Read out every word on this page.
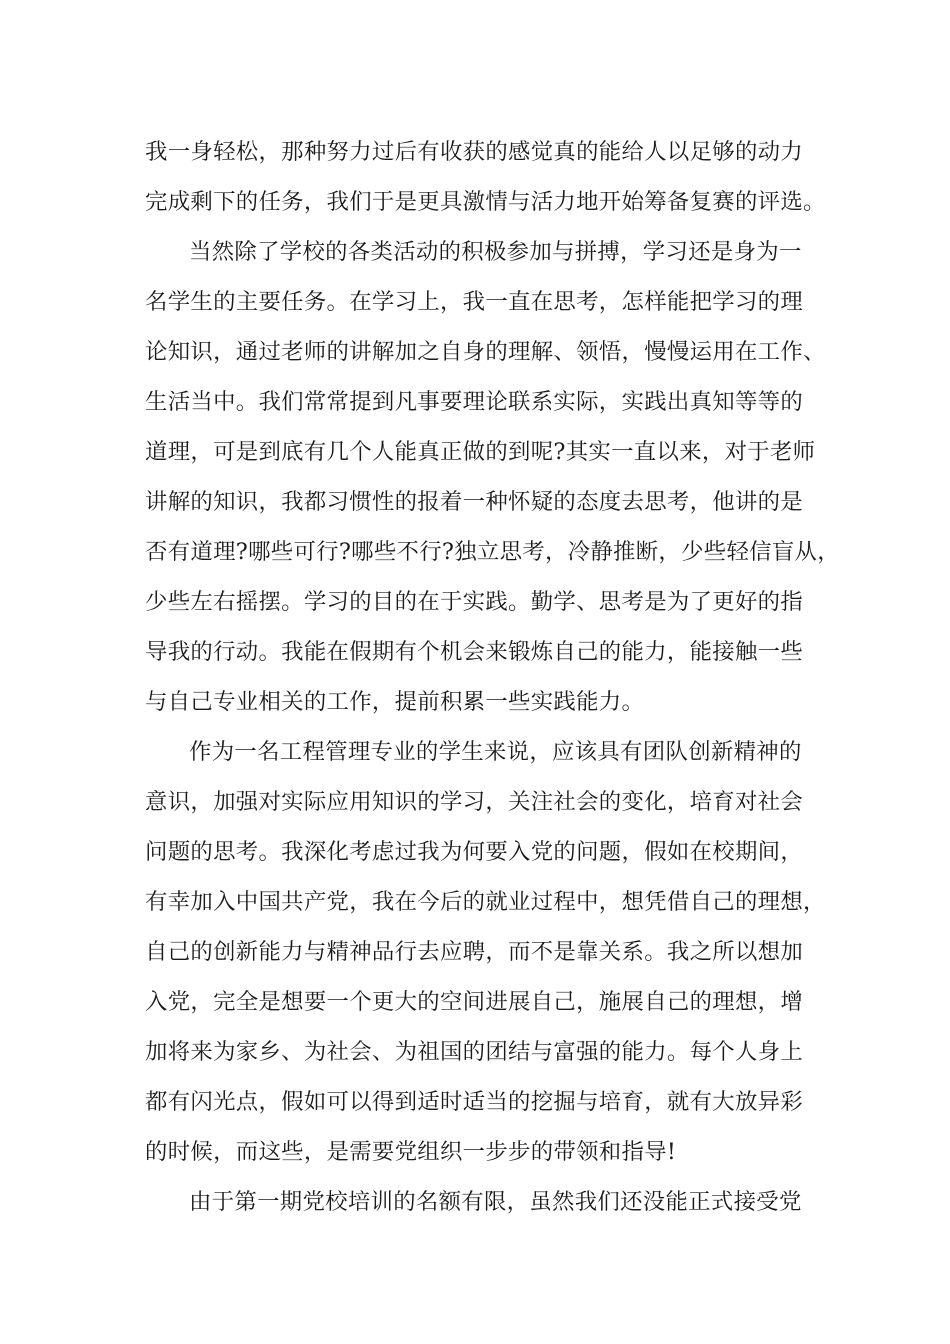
我一身轻松，那种努力过后有收获的感觉真的能给人以足够的动力
完成剩下的任务，我们于是更具激情与活力地开始筹备复赛的评选。
当然除了学校的各类活动的积极参加与拼搏，学习还是身为一
名学生的主要任务。在学习上，我一直在思考，怎样能把学习的理
论知识，通过老师的讲解加之自身的理解、领悟，慢慢运用在工作、
生活当中。我们常常提到凡事要理论联系实际，实践出真知等等的
道理，可是到底有几个人能真正做的到呢?其实一直以来，对于老师
讲解的知识，我都习惯性的报着一种怀疑的态度去思考，他讲的是
否有道理?哪些可行?哪些不行?独立思考，冷静推断，少些轻信盲从，
少些左右摇摆。学习的目的在于实践。勤学、思考是为了更好的指
导我的行动。我能在假期有个机会来锻炼自己的能力，能接触一些
与自己专业相关的工作，提前积累一些实践能力。
作为一名工程管理专业的学生来说，应该具有团队创新精神的
意识，加强对实际应用知识的学习，关注社会的变化，培育对社会
问题的思考。我深化考虑过我为何要入党的问题，假如在校期间，
有幸加入中国共产党，我在今后的就业过程中，想凭借自己的理想，
自己的创新能力与精神品行去应聘，而不是靠关系。我之所以想加
入党，完全是想要一个更大的空间进展自己，施展自己的理想，增
加将来为家乡、为社会、为祖国的团结与富强的能力。每个人身上
都有闪光点，假如可以得到适时适当的挖掘与培育，就有大放异彩
的时候，而这些，是需要党组织一步步的带领和指导!
由于第一期党校培训的名额有限，虽然我们还没能正式接受党
